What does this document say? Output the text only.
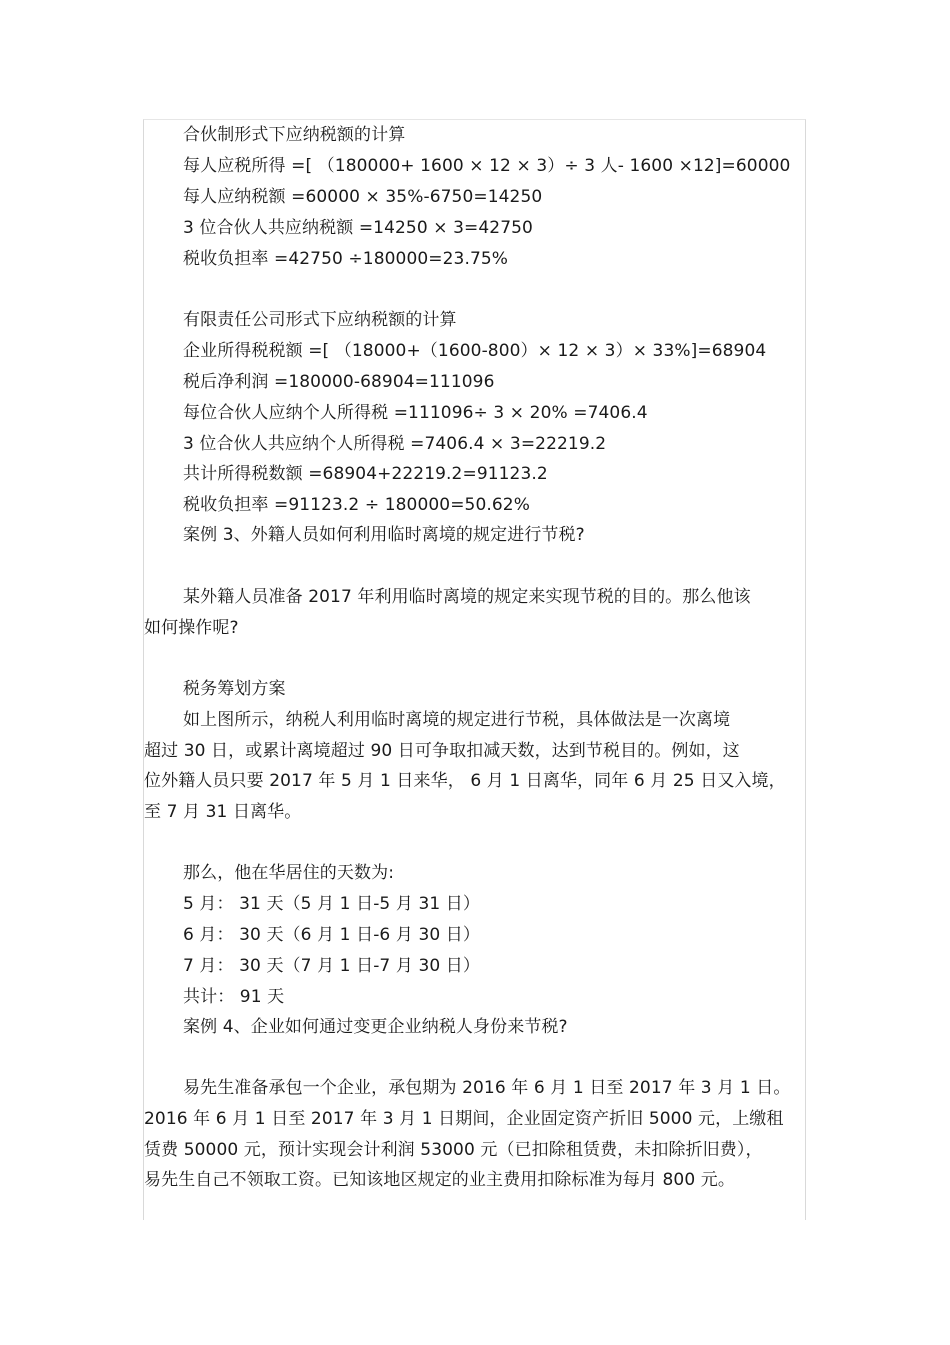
合伙制形式下应纳税额的计算
每人应税所得 =[ （180000+ 1600 × 12 × 3）÷ 3 人- 1600 ×12]=60000
每人应纳税额 =60000 × 35%-6750=14250
3 位合伙人共应纳税额 =14250 × 3=42750
税收负担率 =42750 ÷180000=23.75%
有限责任公司形式下应纳税额的计算
企业所得税税额 =[ （18000+（1600-800）× 12 × 3）× 33%]=68904
税后净利润 =180000-68904=111096
每位合伙人应纳个人所得税 =111096÷ 3 × 20% =7406.4
3 位合伙人共应纳个人所得税 =7406.4 × 3=22219.2
共计所得税数额 =68904+22219.2=91123.2
税收负担率 =91123.2 ÷ 180000=50.62%
案例 3、外籍人员如何利用临时离境的规定进行节税?
某外籍人员准备 2017 年利用临时离境的规定来实现节税的目的。那么他该
如何操作呢?
税务筹划方案
如上图所示，纳税人利用临时离境的规定进行节税，具体做法是一次离境
超过 30 日，或累计离境超过 90 日可争取扣减天数，达到节税目的。例如，这
位外籍人员只要 2017 年 5 月 1 日来华， 6 月 1 日离华，同年 6 月 25 日又入境，
至 7 月 31 日离华。
那么，他在华居住的天数为:
5 月： 31 天（5 月 1 日-5 月 31 日）
6 月： 30 天（6 月 1 日-6 月 30 日）
7 月： 30 天（7 月 1 日-7 月 30 日）
共计： 91 天
案例 4、企业如何通过变更企业纳税人身份来节税?
易先生准备承包一个企业，承包期为 2016 年 6 月 1 日至 2017 年 3 月 1 日。
2016 年 6 月 1 日至 2017 年 3 月 1 日期间，企业固定资产折旧 5000 元，上缴租
赁费 50000 元，预计实现会计利润 53000 元（已扣除租赁费，未扣除折旧费），
易先生自己不领取工资。已知该地区规定的业主费用扣除标准为每月 800 元。
